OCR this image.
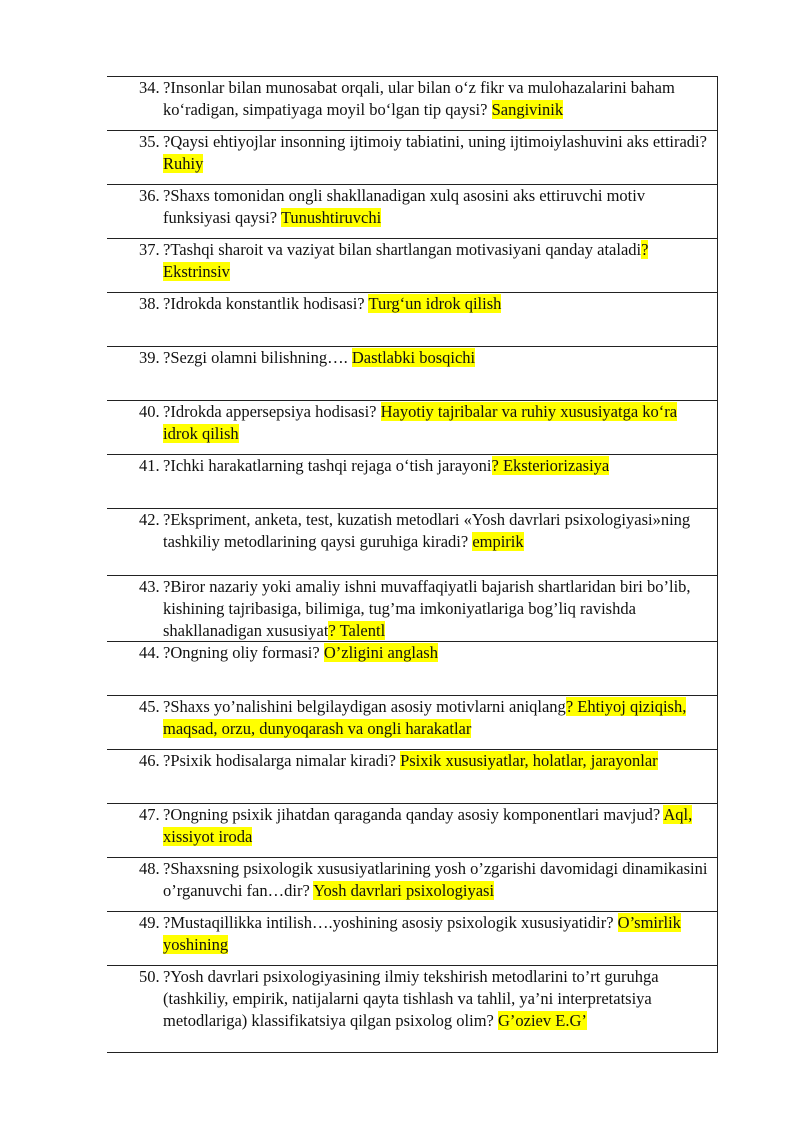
34. ?Insonlar bilan munosabat orqali, ular bilan o‘z fikr va mulohazalarini baham ko‘radigan, simpatiyaga moyil bo‘lgan tip qaysi? Sangivinik
35. ?Qaysi ehtiyojlar insonning ijtimoiy tabiatini, uning ijtimoiylashuvini aks ettiradi? Ruhiy
36. ?Shaxs tomonidan ongli shakllanadigan xulq asosini aks ettiruvchi motiv funksiyasi qaysi? Tunushtiruvchi
37. ?Tashqi sharoit va vaziyat bilan shartlangan motivasiyani qanday ataladi? Ekstrinsiv
38. ?Idrokda konstantlik hodisasi? Turg‘un idrok qilish
39. ?Sezgi olamni bilishning…. Dastlabki bosqichi
40. ?Idrokda appersepsiya hodisasi? Hayotiy tajribalar va ruhiy xususiyatga ko‘ra idrok qilish
41. ?Ichki harakatlarning tashqi rejaga o‘tish jarayoni? Eksteriorizasiya
42. ?Ekspriment, anketa, test, kuzatish metodlari «Yosh davrlari psixologiyasi»ning tashkiliy metodlarining qaysi guruhiga kiradi? empirik
43. ?Biror nazariy yoki amaliy ishni muvaffaqiyatli bajarish shartlaridan biri bo’lib, kishining tajribasiga, bilimiga, tug’ma imkoniyatlariga bog’liq ravishda shakllanadigan xususiyat? Talentl
44. ?Ongning oliy formasi? O’zligini anglash
45. ?Shaxs yo’nalishini belgilaydigan asosiy motivlarni aniqlang? Ehtiyoj qiziqish, maqsad, orzu, dunyoqarash va ongli harakatlar
46. ?Psixik hodisalarga nimalar kiradi? Psixik xususiyatlar, holatlar, jarayonlar
47. ?Ongning psixik jihatdan qaraganda qanday asosiy komponentlari mavjud? Aql, xissiyot iroda
48. ?Shaxsning psixologik xususiyatlarining yosh o’zgarishi davomidagi dinamikasini o’rganuvchi fan…dir? Yosh davrlari psixologiyasi
49. ?Mustaqillikka intilish….yoshining asosiy psixologik xususiyatidir? O’smirlik yoshining
50. ?Yosh davrlari psixologiyasining ilmiy tekshirish metodlarini to’rt guruhga (tashkiliy, empirik, natijalarni qayta tishlash va tahlil, ya’ni interpretatsiya metodlariga) klassifikatsiya qilgan psixolog olim? G’oziev E.G’
